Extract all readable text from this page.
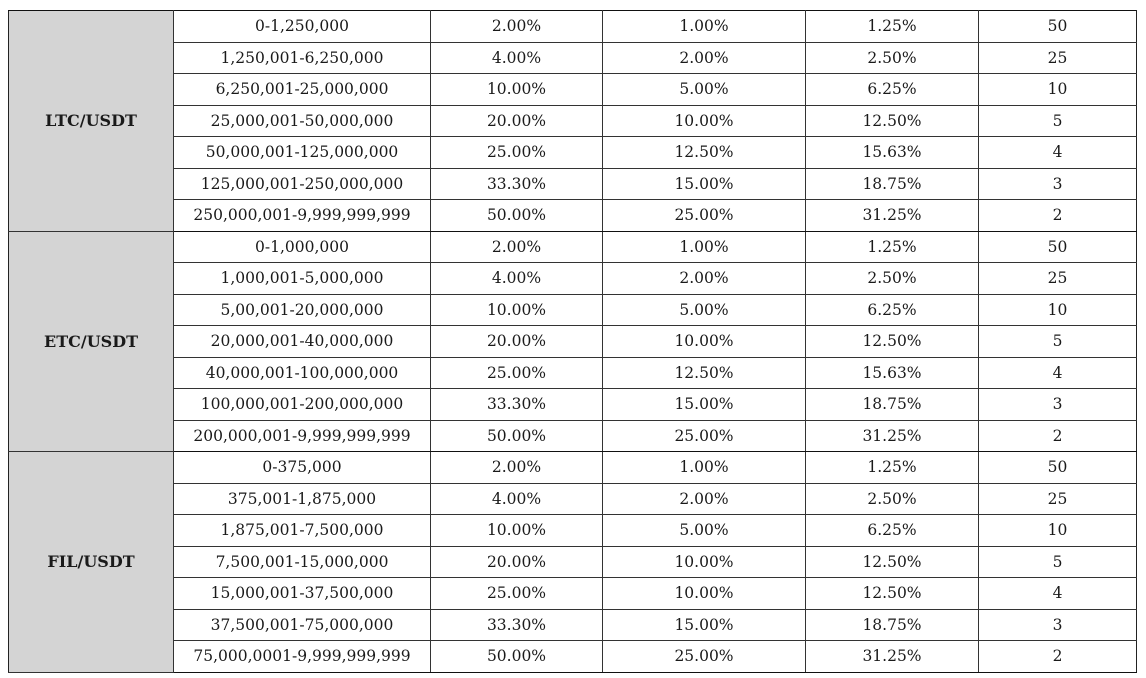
LTC/USDT	0-1,250,000	2.00%	1.00%	1.25%	50
	1,250,001-6,250,000	4.00%	2.00%	2.50%	25
	6,250,001-25,000,000	10.00%	5.00%	6.25%	10
	25,000,001-50,000,000	20.00%	10.00%	12.50%	5
	50,000,001-125,000,000	25.00%	12.50%	15.63%	4
	125,000,001-250,000,000	33.30%	15.00%	18.75%	3
	250,000,001-9,999,999,999	50.00%	25.00%	31.25%	2
ETC/USDT	0-1,000,000	2.00%	1.00%	1.25%	50
	1,000,001-5,000,000	4.00%	2.00%	2.50%	25
	5,00,001-20,000,000	10.00%	5.00%	6.25%	10
	20,000,001-40,000,000	20.00%	10.00%	12.50%	5
	40,000,001-100,000,000	25.00%	12.50%	15.63%	4
	100,000,001-200,000,000	33.30%	15.00%	18.75%	3
	200,000,001-9,999,999,999	50.00%	25.00%	31.25%	2
FIL/USDT	0-375,000	2.00%	1.00%	1.25%	50
	375,001-1,875,000	4.00%	2.00%	2.50%	25
	1,875,001-7,500,000	10.00%	5.00%	6.25%	10
	7,500,001-15,000,000	20.00%	10.00%	12.50%	5
	15,000,001-37,500,000	25.00%	10.00%	12.50%	4
	37,500,001-75,000,000	33.30%	15.00%	18.75%	3
	75,000,0001-9,999,999,999	50.00%	25.00%	31.25%	2
